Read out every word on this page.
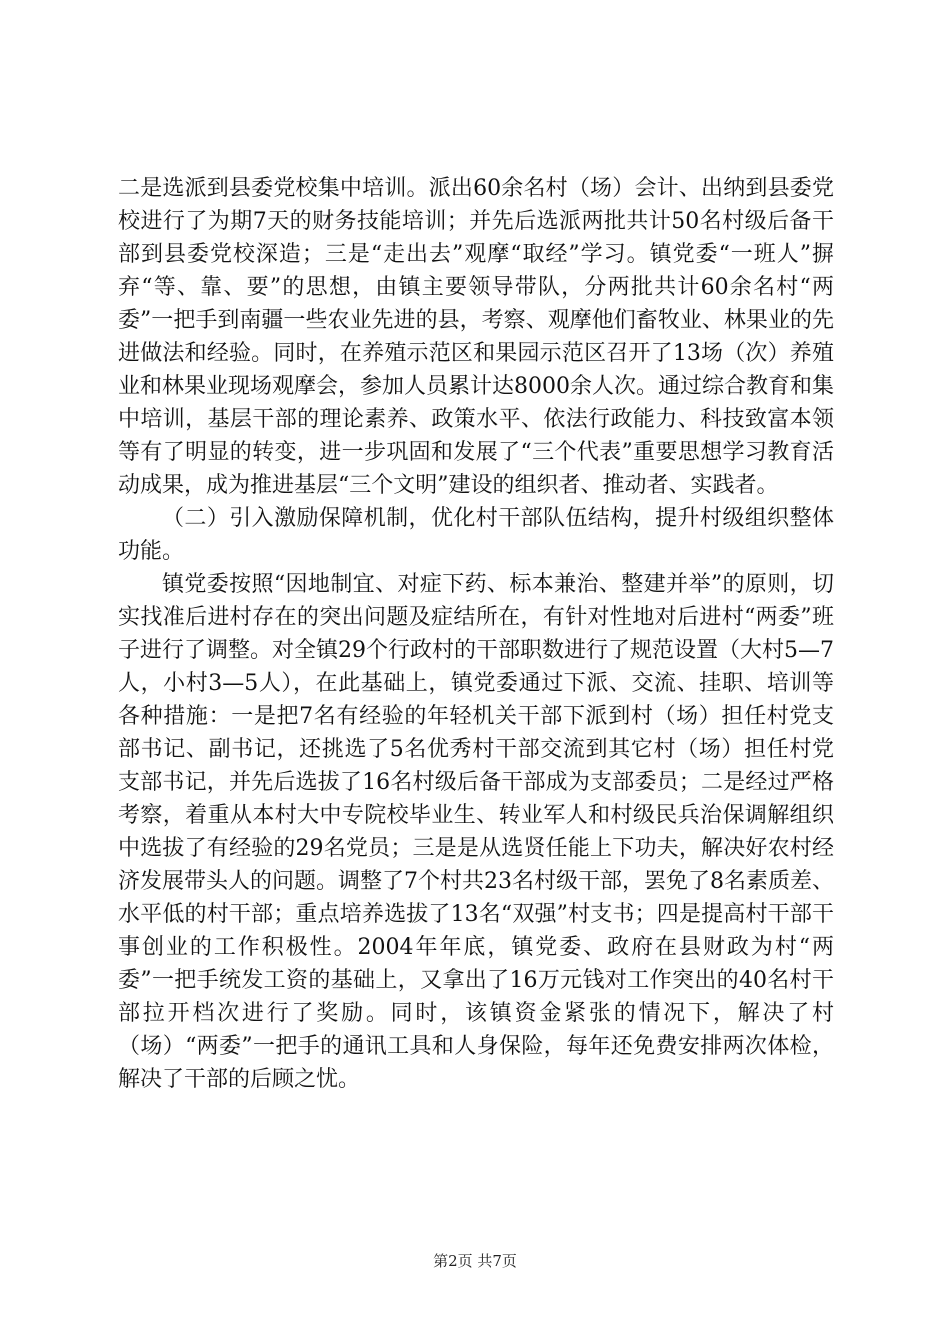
二是选派到县委党校集中培训。派出60余名村（场）会计、出纳到县委党校进行了为期7天的财务技能培训；并先后选派两批共计50名村级后备干部到县委党校深造；三是“走出去”观摩“取经”学习。镇党委“一班人”摒弃“等、靠、要”的思想，由镇主要领导带队，分两批共计60余名村“两委”一把手到南疆一些农业先进的县，考察、观摩他们畜牧业、林果业的先进做法和经验。同时，在养殖示范区和果园示范区召开了13场（次）养殖业和林果业现场观摩会，参加人员累计达8000余人次。通过综合教育和集中培训，基层干部的理论素养、政策水平、依法行政能力、科技致富本领等有了明显的转变，进一步巩固和发展了“三个代表”重要思想学习教育活动成果，成为推进基层“三个文明”建设的组织者、推动者、实践者。

（二）引入激励保障机制，优化村干部队伍结构，提升村级组织整体功能。

镇党委按照“因地制宜、对症下药、标本兼治、整建并举”的原则，切实找准后进村存在的突出问题及症结所在，有针对性地对后进村“两委”班子进行了调整。对全镇29个行政村的干部职数进行了规范设置（大村5—7人，小村3—5人），在此基础上，镇党委通过下派、交流、挂职、培训等各种措施：一是把7名有经验的年轻机关干部下派到村（场）担任村党支部书记、副书记，还挑选了5名优秀村干部交流到其它村（场）担任村党支部书记，并先后选拔了16名村级后备干部成为支部委员；二是经过严格考察，着重从本村大中专院校毕业生、转业军人和村级民兵治保调解组织中选拔了有经验的29名党员；三是是从选贤任能上下功夫，解决好农村经济发展带头人的问题。调整了7个村共23名村级干部，罢免了8名素质差、水平低的村干部；重点培养选拔了13名“双强”村支书；四是提高村干部干事创业的工作积极性。2004年年底，镇党委、政府在县财政为村“两委”一把手统发工资的基础上，又拿出了16万元钱对工作突出的40名村干部拉开档次进行了奖励。同时，该镇资金紧张的情况下，解决了村（场）“两委”一把手的通讯工具和人身保险，每年还免费安排两次体检，解决了干部的后顾之忧。

第2页 共7页
